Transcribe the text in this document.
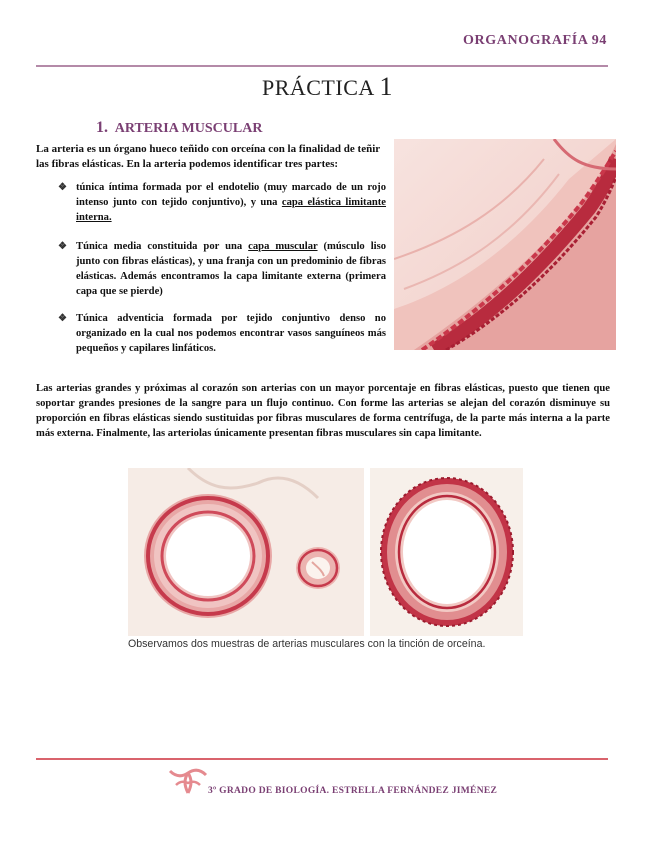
ORGANOGRAFÍA 94
PRÁCTICA 1
1. ARTERIA MUSCULAR
La arteria es un órgano hueco teñido con orceína con la finalidad de teñir las fibras elásticas. En la arteria podemos identificar tres partes:
❖ túnica íntima formada por el endotelio (muy marcado de un rojo intenso junto con tejido conjuntivo), y una capa elástica limitante interna.
❖ Túnica media constituida por una capa muscular (músculo liso junto con fibras elásticas), y una franja con un predominio de fibras elásticas. Además encontramos la capa limitante externa (primera capa que se pierde)
❖ Túnica adventicia formada por tejido conjuntivo denso no organizado en la cual nos podemos encontrar vasos sanguíneos más pequeños y capilares linfáticos.
Las arterias grandes y próximas al corazón son arterias con un mayor porcentaje en fibras elásticas, puesto que tienen que soportar grandes presiones de la sangre para un flujo continuo. Con forme las arterias se alejan del corazón disminuye su proporción en fibras elásticas siendo sustituidas por fibras musculares de forma centrífuga, de la parte más interna a la parte más externa. Finalmente, las arteriolas únicamente presentan fibras musculares sin capa limitante.
Observamos dos muestras de arterias musculares con la tinción de orceína.
3º GRADO DE BIOLOGÍA. ESTRELLA FERNÁNDEZ JIMÉNEZ
